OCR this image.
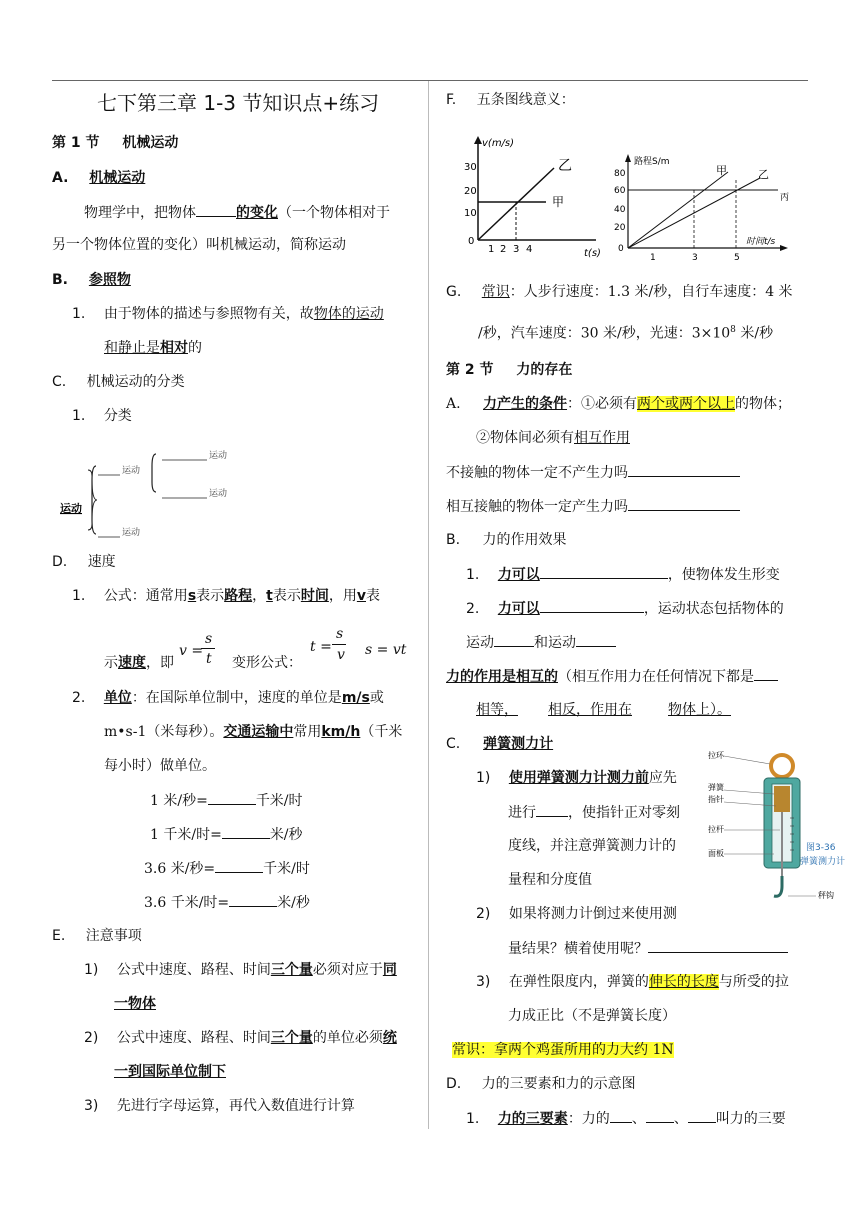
七下第三章 1-3 节知识点+练习
第 1 节 机械运动
A. 机械运动
物理学中，把物体	的变化（一个物体相对于
另一个物体位置的变化）叫机械运动，简称运动
B. 参照物
1. 由于物体的描述与参照物有关，故物体的运动
和静止是相对的
C. 机械运动的分类
1. 分类
运动
运动
运动
运动
运动
D. 速度
1. 公式：通常用s表示路程，t表示时间，用v表
示速度，即
v =
s
t 变形公式：
t =
s
v s = vt
2. 单位：在国际单位制中，速度的单位是m/s或
m•s-1（米每秒）。交通运输中常用km/h（千米
每小时）做单位。
1 米/秒=	千米/时
1 千米/时=	米/秒
3.6 米/秒=	千米/时
3.6 千米/时=	米/秒
E. 注意事项
1) 公式中速度、路程、时间三个量必须对应于同
一物体
2) 公式中速度、路程、时间三个量的单位必须统
一到国际单位制下
3) 先进行字母运算，再代入数值进行计算
F. 五条图线意义：
v(m/s)
t(s)
30
20
10
0
1 2 3 4
乙
甲
路程S/m
时间t/s
80
60
40
20
0
1	3	5
甲	乙
丙
G. 常识：人步行速度：1.3 米/秒，自行车速度：4 米
/秒，汽车速度：30 米/秒，光速：$3\times 10^8$ 米/秒
第 2 节 力的存在
A. 力产生的条件：①必须有两个或两个以上的物体；
②物体间必须有相互作用
不接触的物体一定不产生力吗
相互接触的物体一定产生力吗
B. 力的作用效果
1. 力可以	，使物体发生形变
2. 力可以	，运动状态包括物体的
运动	和运动
力的作用是相互的（相互作用力在任何情况下都是
相等， 相反，作用在	物体上）。
C. 弹簧测力计
1) 使用弹簧测力计测力前应先
进行 ，使指针正对零刻
度线，并注意弹簧测力计的
量程和分度值
2) 如果将测力计倒过来使用测
量结果？横着使用呢？
3) 在弹性限度内，弹簧的伸长的长度与所受的拉
力成正比（不是弹簧长度）
拉环
弹簧
指针
拉杆
面板
秤钩
图3-36
弹簧测力计
常识：拿两个鸡蛋所用的力大约 1N
D. 力的三要素和力的示意图
1. 力的三要素：力的 、 、 叫力的三要
